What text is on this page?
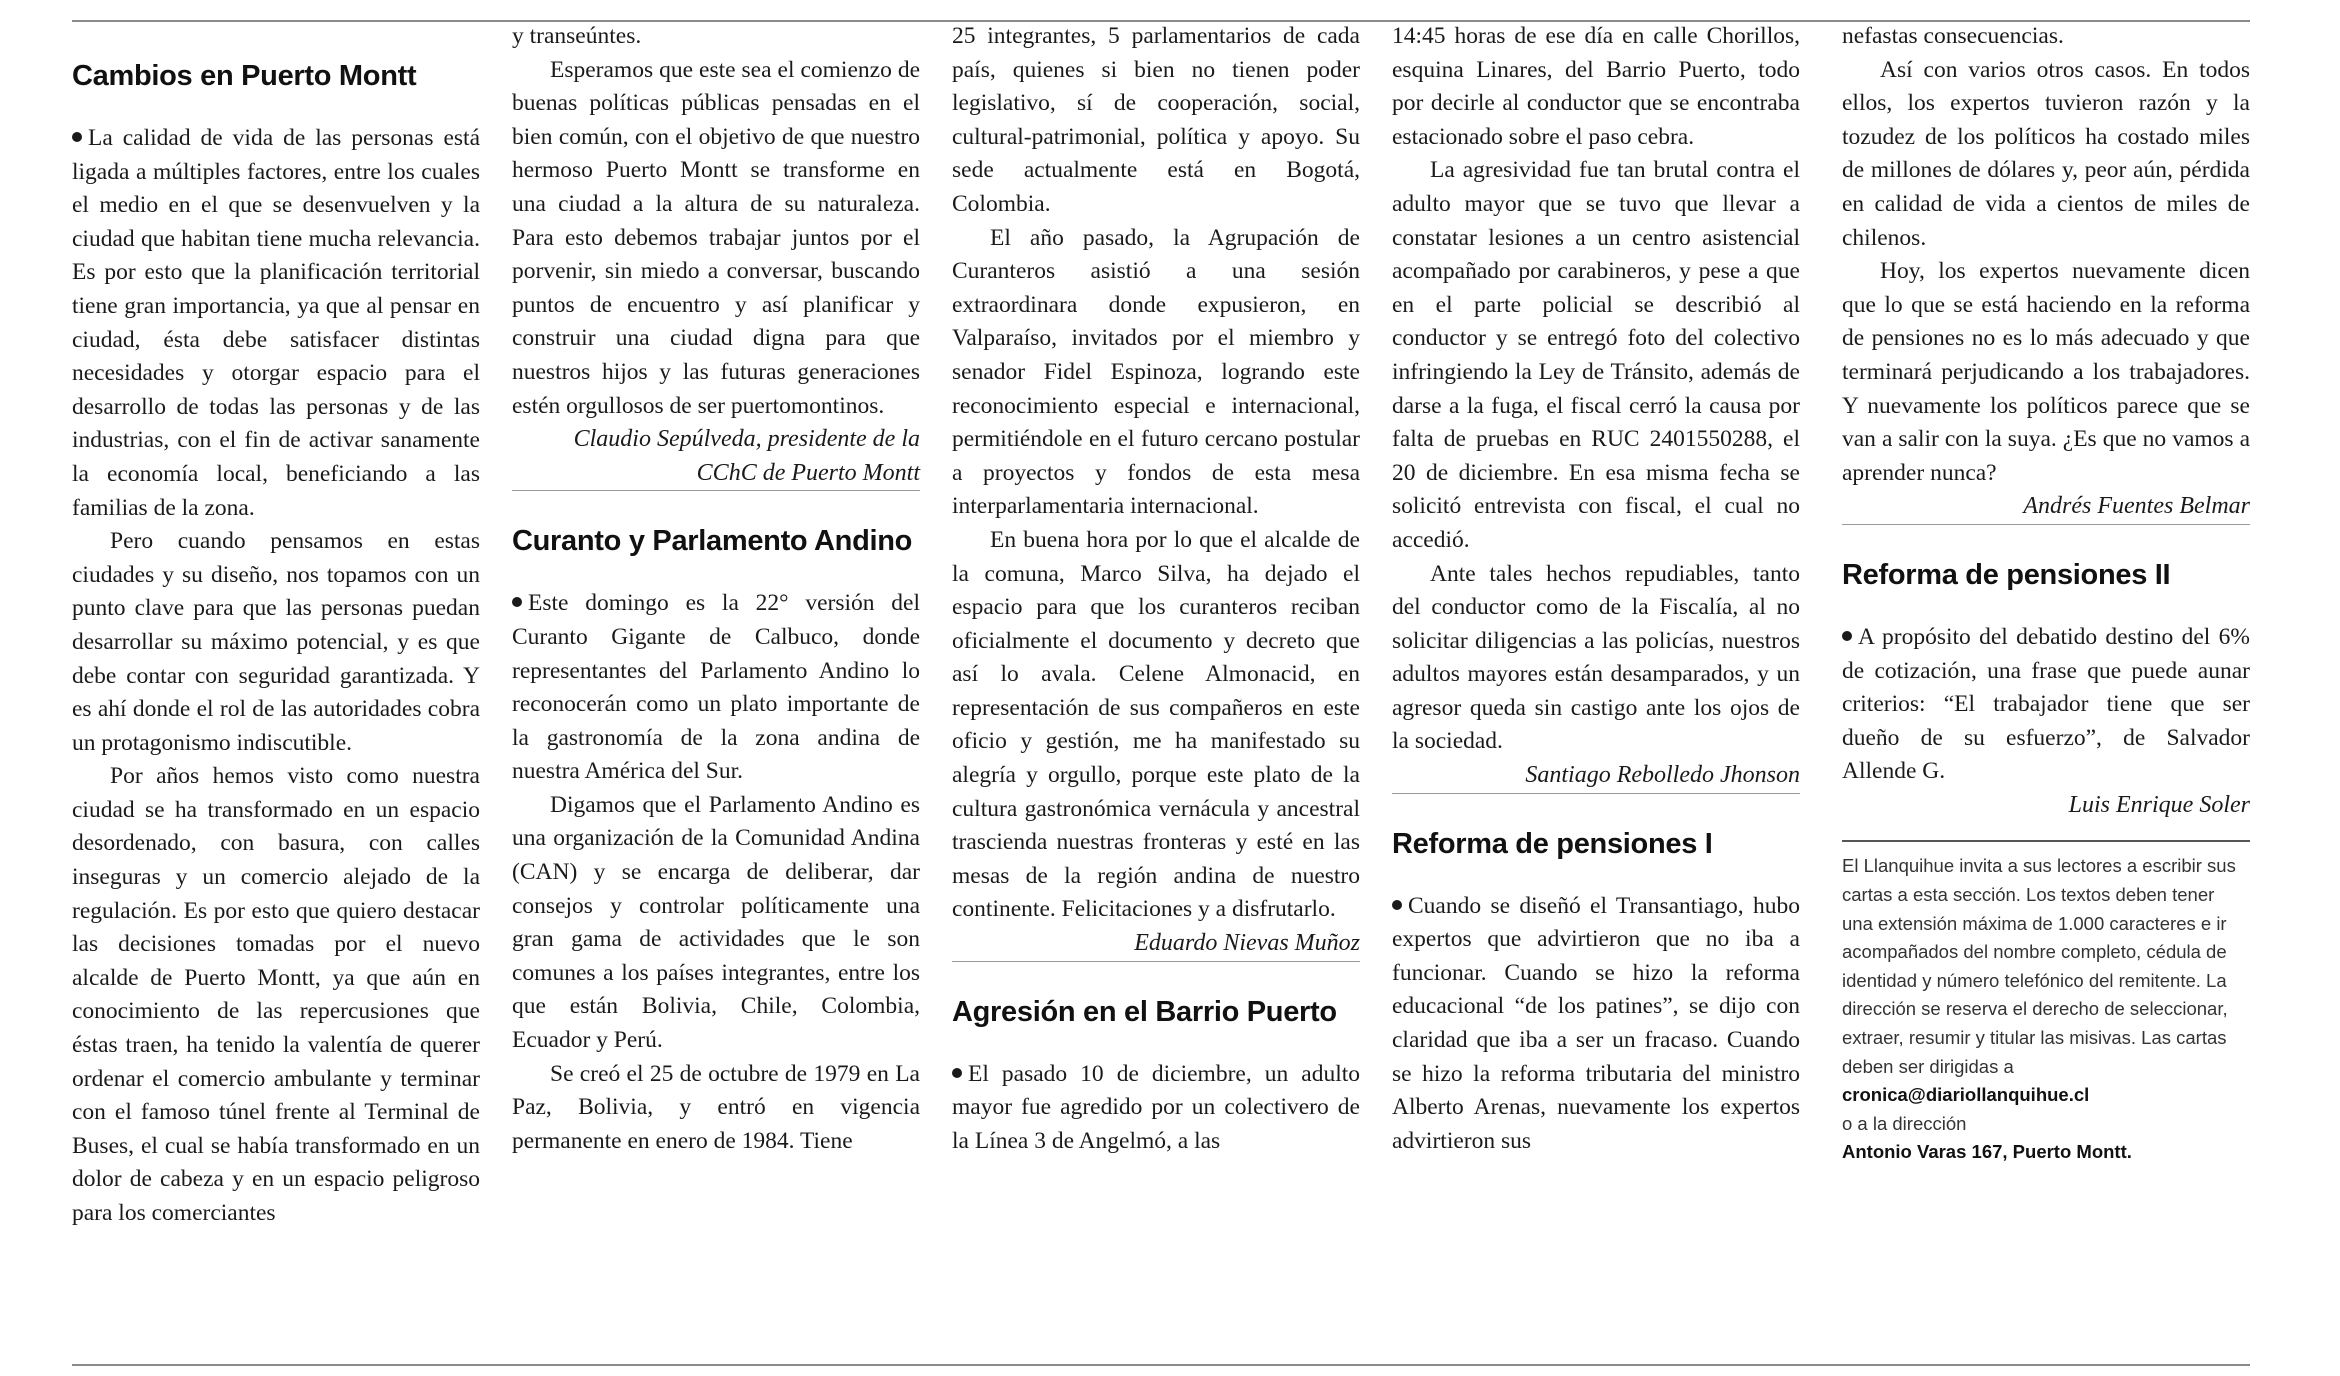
Cambios en Puerto Montt

La calidad de vida de las personas está ligada a múltiples factores, entre los cuales el medio en el que se desenvuelven y la ciudad que habitan tiene mucha relevancia. Es por esto que la planificación territorial tiene gran importancia, ya que al pensar en ciudad, ésta debe satisfacer distintas necesidades y otorgar espacio para el desarrollo de todas las personas y de las industrias, con el fin de activar sanamente la economía local, beneficiando a las familias de la zona.

Pero cuando pensamos en estas ciudades y su diseño, nos topamos con un punto clave para que las personas puedan desarrollar su máximo potencial, y es que debe contar con seguridad garantizada. Y es ahí donde el rol de las autoridades cobra un protagonismo indiscutible.

Por años hemos visto como nuestra ciudad se ha transformado en un espacio desordenado, con basura, con calles inseguras y un comercio alejado de la regulación. Es por esto que quiero destacar las decisiones tomadas por el nuevo alcalde de Puerto Montt, ya que aún en conocimiento de las repercusiones que éstas traen, ha tenido la valentía de querer ordenar el comercio ambulante y terminar con el famoso túnel frente al Terminal de Buses, el cual se había transformado en un dolor de cabeza y en un espacio peligroso para los comerciantes

y transeúntes.

Esperamos que este sea el comienzo de buenas políticas públicas pensadas en el bien común, con el objetivo de que nuestro hermoso Puerto Montt se transforme en una ciudad a la altura de su naturaleza. Para esto debemos trabajar juntos por el porvenir, sin miedo a conversar, buscando puntos de encuentro y así planificar y construir una ciudad digna para que nuestros hijos y las futuras generaciones estén orgullosos de ser puertomontinos.

Claudio Sepúlveda, presidente de la CChC de Puerto Montt

Curanto y Parlamento Andino

Este domingo es la 22° versión del Curanto Gigante de Calbuco, donde representantes del Parlamento Andino lo reconocerán como un plato importante de la gastronomía de la zona andina de nuestra América del Sur.

Digamos que el Parlamento Andino es una organización de la Comunidad Andina (CAN) y se encarga de deliberar, dar consejos y controlar políticamente una gran gama de actividades que le son comunes a los países integrantes, entre los que están Bolivia, Chile, Colombia, Ecuador y Perú.

Se creó el 25 de octubre de 1979 en La Paz, Bolivia, y entró en vigencia permanente en enero de 1984. Tiene

25 integrantes, 5 parlamentarios de cada país, quienes si bien no tienen poder legislativo, sí de cooperación, social, cultural-patrimonial, política y apoyo. Su sede actualmente está en Bogotá, Colombia.

El año pasado, la Agrupación de Curanteros asistió a una sesión extraordinara donde expusieron, en Valparaíso, invitados por el miembro y senador Fidel Espinoza, logrando este reconocimiento especial e internacional, permitiéndole en el futuro cercano postular a proyectos y fondos de esta mesa interparlamentaria internacional.

En buena hora por lo que el alcalde de la comuna, Marco Silva, ha dejado el espacio para que los curanteros reciban oficialmente el documento y decreto que así lo avala. Celene Almonacid, en representación de sus compañeros en este oficio y gestión, me ha manifestado su alegría y orgullo, porque este plato de la cultura gastronómica vernácula y ancestral trascienda nuestras fronteras y esté en las mesas de la región andina de nuestro continente. Felicitaciones y a disfrutarlo.

Eduardo Nievas Muñoz

Agresión en el Barrio Puerto

El pasado 10 de diciembre, un adulto mayor fue agredido por un colectivero de la Línea 3 de Angelmó, a las

14:45 horas de ese día en calle Chorillos, esquina Linares, del Barrio Puerto, todo por decirle al conductor que se encontraba estacionado sobre el paso cebra.

La agresividad fue tan brutal contra el adulto mayor que se tuvo que llevar a constatar lesiones a un centro asistencial acompañado por carabineros, y pese a que en el parte policial se describió al conductor y se entregó foto del colectivo infringiendo la Ley de Tránsito, además de darse a la fuga, el fiscal cerró la causa por falta de pruebas en RUC 2401550288, el 20 de diciembre. En esa misma fecha se solicitó entrevista con fiscal, el cual no accedió.

Ante tales hechos repudiables, tanto del conductor como de la Fiscalía, al no solicitar diligencias a las policías, nuestros adultos mayores están desamparados, y un agresor queda sin castigo ante los ojos de la sociedad.

Santiago Rebolledo Jhonson

Reforma de pensiones I

Cuando se diseñó el Transantiago, hubo expertos que advirtieron que no iba a funcionar. Cuando se hizo la reforma educacional “de los patines”, se dijo con claridad que iba a ser un fracaso. Cuando se hizo la reforma tributaria del ministro Alberto Arenas, nuevamente los expertos advirtieron sus

nefastas consecuencias.

Así con varios otros casos. En todos ellos, los expertos tuvieron razón y la tozudez de los políticos ha costado miles de millones de dólares y, peor aún, pérdida en calidad de vida a cientos de miles de chilenos.

Hoy, los expertos nuevamente dicen que lo que se está haciendo en la reforma de pensiones no es lo más adecuado y que terminará perjudicando a los trabajadores. Y nuevamente los políticos parece que se van a salir con la suya. ¿Es que no vamos a aprender nunca?

Andrés Fuentes Belmar

Reforma de pensiones II

A propósito del debatido destino del 6% de cotización, una frase que puede aunar criterios: “El trabajador tiene que ser dueño de su esfuerzo”, de Salvador Allende G.

Luis Enrique Soler

El Llanquihue invita a sus lectores a escribir sus cartas a esta sección. Los textos deben tener una extensión máxima de 1.000 caracteres e ir acompañados del nombre completo, cédula de identidad y número telefónico del remitente. La dirección se reserva el derecho de seleccionar, extraer, resumir y titular las misivas. Las cartas deben ser dirigidas a
cronica@diariollanquihue.cl
o a la dirección
Antonio Varas 167, Puerto Montt.
